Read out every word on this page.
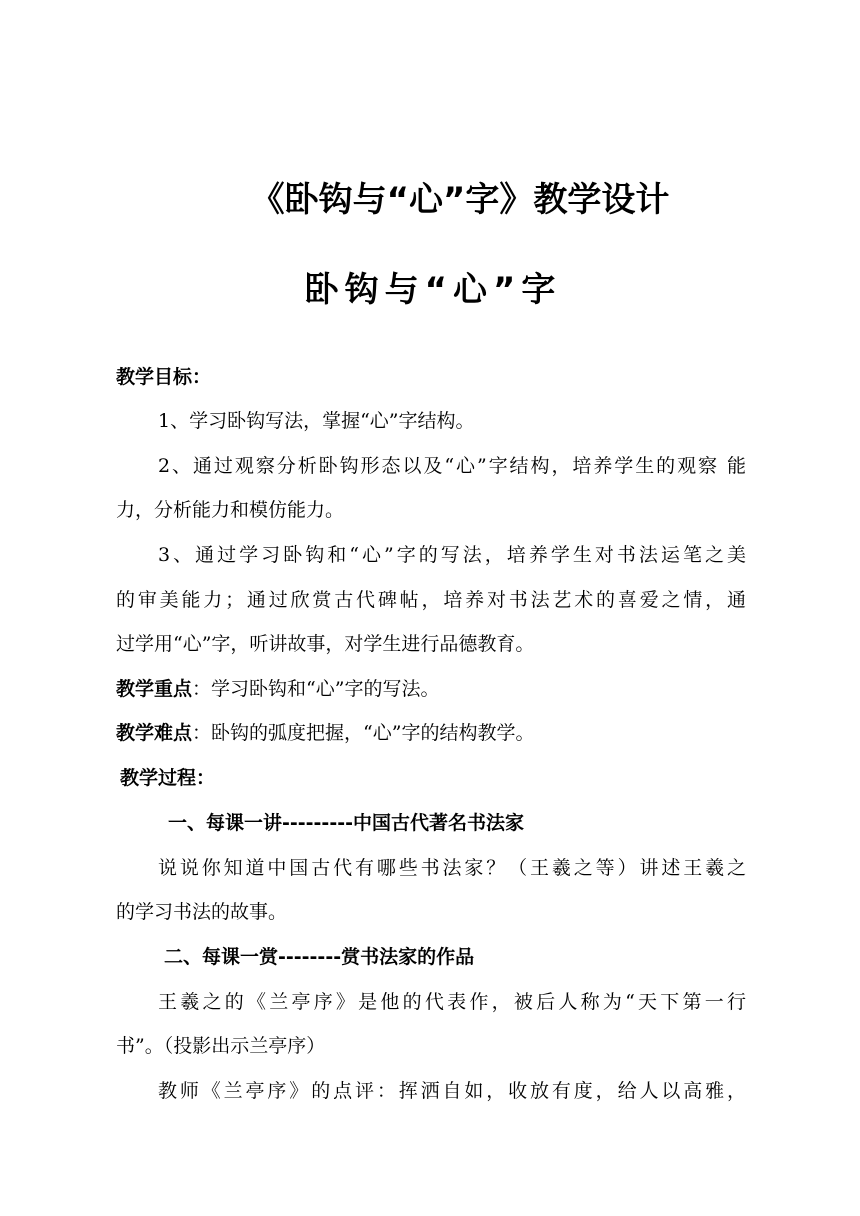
《卧钩与“心”字》教学设计
卧钩与“心”字
教学目标：
1、学习卧钩写法，掌握“心”字结构。
2、通过观察分析卧钩形态以及“心”字结构，培养学生的观察 能
力，分析能力和模仿能力。
3、通过学习卧钩和“心”字的写法，培养学生对书法运笔之美
的审美能力；通过欣赏古代碑帖，培养对书法艺术的喜爱之情，通
过学用“心”字，听讲故事，对学生进行品德教育。
教学重点：学习卧钩和“心”字的写法。
教学难点：卧钩的弧度把握，“心”字的结构教学。
教学过程：
一、每课一讲---------中国古代著名书法家
说说你知道中国古代有哪些书法家？（王羲之等）讲述王羲之
的学习书法的故事。
二、每课一赏--------赏书法家的作品
王羲之的《兰亭序》是他的代表作，被后人称为“天下第一行
书”。（投影出示兰亭序）
教师《兰亭序》的点评：挥洒自如，收放有度，给人以高雅，
